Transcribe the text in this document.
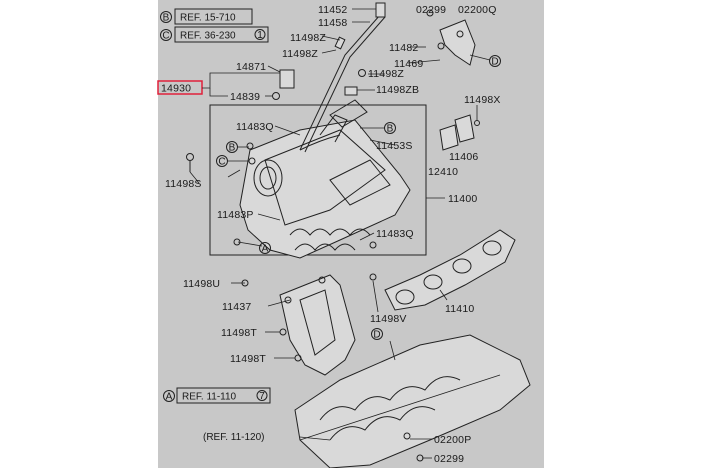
B REF. 15-710
C REF. 36-230 1
14930
B
C
B
A
D
D
11452
11458
11498Z
11498Z
14871
14839
11498Z
11498ZB
02299 02200Q
11482
11469
11498X
11483Q
11453S
11406
12410
11498S
11400
11483P
11483Q
11498U
11437
11498V
11410
11498T
11498T
02200P
02299
A REF. 11-110 7
(REF. 11-120)
